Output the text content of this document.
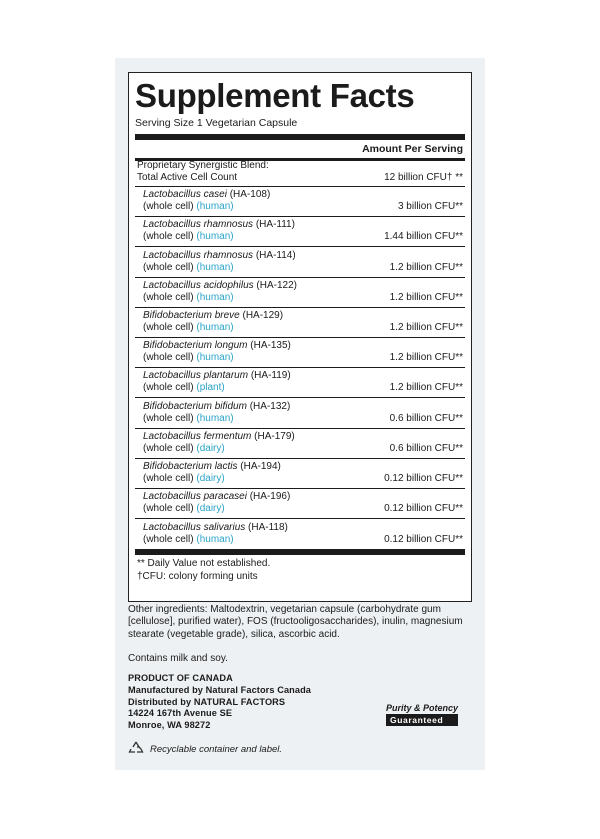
Supplement Facts
Serving Size 1 Vegetarian Capsule
Amount Per Serving
Proprietary Synergistic Blend:
Total Active Cell Count	12 billion CFU† **
Lactobacillus casei (HA-108)
(whole cell) (human)	3 billion CFU**
Lactobacillus rhamnosus (HA-111)
(whole cell) (human)	1.44 billion CFU**
Lactobacillus rhamnosus (HA-114)
(whole cell) (human)	1.2 billion CFU**
Lactobacillus acidophilus (HA-122)
(whole cell) (human)	1.2 billion CFU**
Bifidobacterium breve (HA-129)
(whole cell) (human)	1.2 billion CFU**
Bifidobacterium longum (HA-135)
(whole cell) (human)	1.2 billion CFU**
Lactobacillus plantarum (HA-119)
(whole cell) (plant)	1.2 billion CFU**
Bifidobacterium bifidum (HA-132)
(whole cell) (human)	0.6 billion CFU**
Lactobacillus fermentum (HA-179)
(whole cell) (dairy)	0.6 billion CFU**
Bifidobacterium lactis (HA-194)
(whole cell) (dairy)	0.12 billion CFU**
Lactobacillus paracasei (HA-196)
(whole cell) (dairy)	0.12 billion CFU**
Lactobacillus salivarius (HA-118)
(whole cell) (human)	0.12 billion CFU**
** Daily Value not established.
†CFU: colony forming units
Other ingredients: Maltodextrin, vegetarian capsule (carbohydrate gum [cellulose], purified water), FOS (fructooligosaccharides), inulin, magnesium stearate (vegetable grade), silica, ascorbic acid.
Contains milk and soy.
PRODUCT OF CANADA
Manufactured by Natural Factors Canada
Distributed by NATURAL FACTORS
14224 167th Avenue SE
Monroe, WA 98272
Purity & Potency
Guaranteed
Recyclable container and label.
